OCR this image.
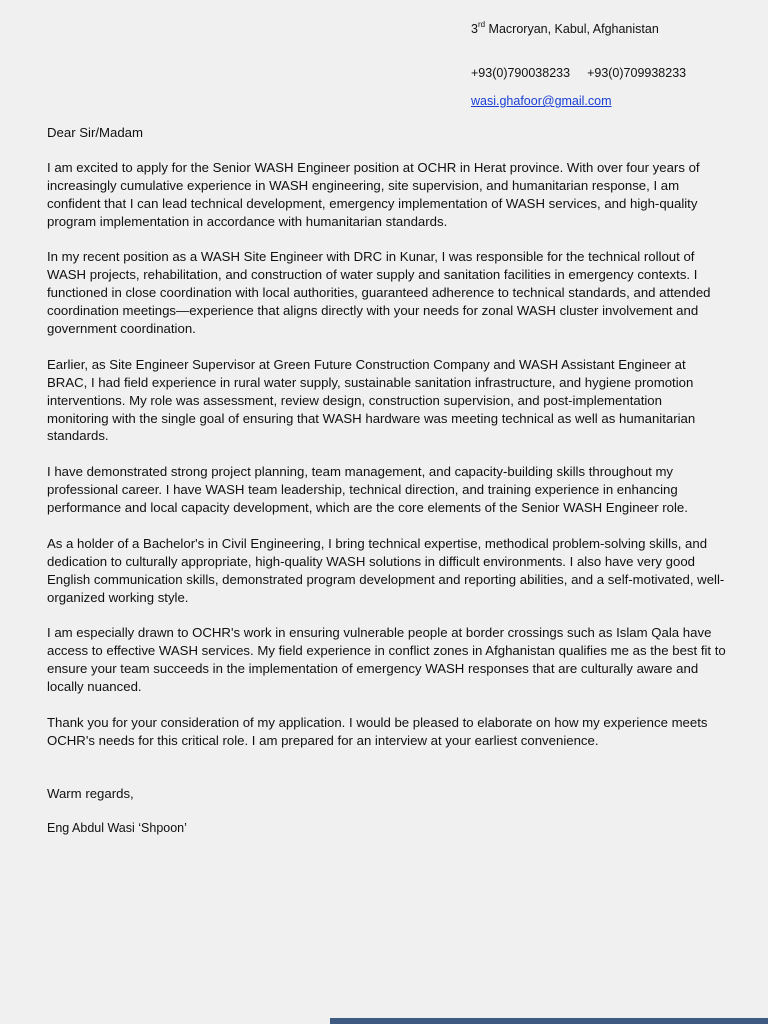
3rd Macroryan, Kabul, Afghanistan
+93(0)790038233 +93(0)709938233
wasi.ghafoor@gmail.com

Dear Sir/Madam

I am excited to apply for the Senior WASH Engineer position at OCHR in Herat province. With over four years of increasingly cumulative experience in WASH engineering, site supervision, and humanitarian response, I am confident that I can lead technical development, emergency implementation of WASH services, and high-quality program implementation in accordance with humanitarian standards.

In my recent position as a WASH Site Engineer with DRC in Kunar, I was responsible for the technical rollout of WASH projects, rehabilitation, and construction of water supply and sanitation facilities in emergency contexts. I functioned in close coordination with local authorities, guaranteed adherence to technical standards, and attended coordination meetings—experience that aligns directly with your needs for zonal WASH cluster involvement and government coordination.

Earlier, as Site Engineer Supervisor at Green Future Construction Company and WASH Assistant Engineer at BRAC, I had field experience in rural water supply, sustainable sanitation infrastructure, and hygiene promotion interventions. My role was assessment, review design, construction supervision, and post-implementation monitoring with the single goal of ensuring that WASH hardware was meeting technical as well as humanitarian standards.

I have demonstrated strong project planning, team management, and capacity-building skills throughout my professional career. I have WASH team leadership, technical direction, and training experience in enhancing performance and local capacity development, which are the core elements of the Senior WASH Engineer role.

As a holder of a Bachelor's in Civil Engineering, I bring technical expertise, methodical problem-solving skills, and dedication to culturally appropriate, high-quality WASH solutions in difficult environments. I also have very good English communication skills, demonstrated program development and reporting abilities, and a self-motivated, well-organized working style.

I am especially drawn to OCHR's work in ensuring vulnerable people at border crossings such as Islam Qala have access to effective WASH services. My field experience in conflict zones in Afghanistan qualifies me as the best fit to ensure your team succeeds in the implementation of emergency WASH responses that are culturally aware and locally nuanced.

Thank you for your consideration of my application. I would be pleased to elaborate on how my experience meets OCHR's needs for this critical role. I am prepared for an interview at your earliest convenience.

Warm regards,

Eng Abdul Wasi ‘Shpoon’
